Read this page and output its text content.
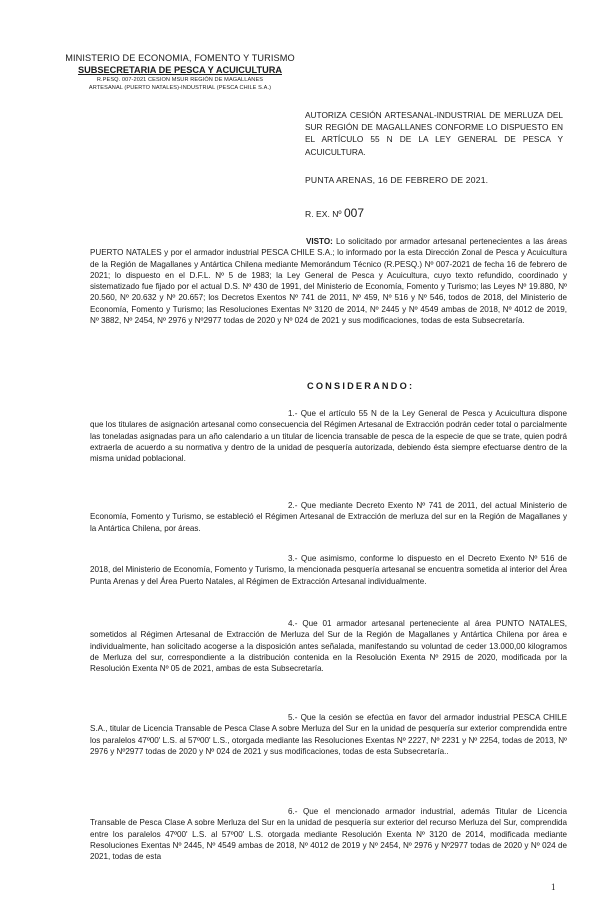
MINISTERIO DE ECONOMIA, FOMENTO Y TURISMO
SUBSECRETARIA DE PESCA Y ACUICULTURA
R.PESQ. 007-2021 CESION MSUR REGIÓN DE MAGALLANES
ARTESANAL (PUERTO NATALES)-INDUSTRIAL (PESCA CHILE S.A.)
AUTORIZA CESIÓN ARTESANAL-INDUSTRIAL DE MERLUZA DEL SUR REGIÓN DE MAGALLANES CONFORME LO DISPUESTO EN EL ARTÍCULO 55 N DE LA LEY GENERAL DE PESCA Y ACUICULTURA.
PUNTA ARENAS, 16 DE FEBRERO DE 2021.
R. EX. Nº 007
VISTO: Lo solicitado por armador artesanal pertenecientes a las áreas PUERTO NATALES y por el armador industrial PESCA CHILE S.A.; lo informado por la esta Dirección Zonal de Pesca y Acuicultura de la Región de Magallanes y Antártica Chilena mediante Memorándum Técnico (R.PESQ.) Nº 007-2021 de fecha 16 de febrero de 2021; lo dispuesto en el D.F.L. Nº 5 de 1983; la Ley General de Pesca y Acuicultura, cuyo texto refundido, coordinado y sistematizado fue fijado por el actual D.S. Nº 430 de 1991, del Ministerio de Economía, Fomento y Turismo; las Leyes Nº 19.880, Nº 20.560, Nº 20.632 y Nº 20.657; los Decretos Exentos Nº 741 de 2011, Nº 459, Nº 516 y Nº 546, todos de 2018, del Ministerio de Economía, Fomento y Turismo; las Resoluciones Exentas Nº 3120 de 2014, Nº 2445 y Nº 4549 ambas de 2018, Nº 4012 de 2019, Nº 3882, Nº 2454, Nº 2976 y Nº2977 todas de 2020 y Nº 024 de 2021 y sus modificaciones, todas de esta Subsecretaría.
CONSIDERANDO:
1.- Que el artículo 55 N de la Ley General de Pesca y Acuicultura dispone que los titulares de asignación artesanal como consecuencia del Régimen Artesanal de Extracción podrán ceder total o parcialmente las toneladas asignadas para un año calendario a un titular de licencia transable de pesca de la especie de que se trate, quien podrá extraerla de acuerdo a su normativa y dentro de la unidad de pesquería autorizada, debiendo ésta siempre efectuarse dentro de la misma unidad poblacional.
2.- Que mediante Decreto Exento Nº 741 de 2011, del actual Ministerio de Economía, Fomento y Turismo, se estableció el Régimen Artesanal de Extracción de merluza del sur en la Región de Magallanes y la Antártica Chilena, por áreas.
3.- Que asimismo, conforme lo dispuesto en el Decreto Exento Nº 516 de 2018, del Ministerio de Economía, Fomento y Turismo, la mencionada pesquería artesanal se encuentra sometida al interior del Área Punta Arenas y del Área Puerto Natales, al Régimen de Extracción Artesanal individualmente.
4.- Que 01 armador artesanal perteneciente al área PUNTO NATALES, sometidos al Régimen Artesanal de Extracción de Merluza del Sur de la Región de Magallanes y Antártica Chilena por área e individualmente, han solicitado acogerse a la disposición antes señalada, manifestando su voluntad de ceder 13.000,00 kilogramos de Merluza del sur, correspondiente a la distribución contenida en la Resolución Exenta Nº 2915 de 2020, modificada por la Resolución Exenta Nº 05 de 2021, ambas de esta Subsecretaría.
5.- Que la cesión se efectúa en favor del armador industrial PESCA CHILE S.A., titular de Licencia Transable de Pesca Clase A sobre Merluza del Sur en la unidad de pesquería sur exterior comprendida entre los paralelos 47º00' L.S. al 57º00' L.S., otorgada mediante las Resoluciones Exentas Nº 2227, Nº 2231 y Nº 2254, todas de 2013, Nº 2976 y Nº2977 todas de 2020 y Nº 024 de 2021 y sus modificaciones, todas de esta Subsecretaría..
6.- Que el mencionado armador industrial, además Titular de Licencia Transable de Pesca Clase A sobre Merluza del Sur en la unidad de pesquería sur exterior del recurso Merluza del Sur, comprendida entre los paralelos 47º00' L.S. al 57º00' L.S. otorgada mediante Resolución Exenta Nº 3120 de 2014, modificada mediante Resoluciones Exentas Nº 2445, Nº 4549 ambas de 2018, Nº 4012 de 2019 y Nº 2454, Nº 2976 y Nº2977 todas de 2020 y Nº 024 de 2021, todas de esta
1
